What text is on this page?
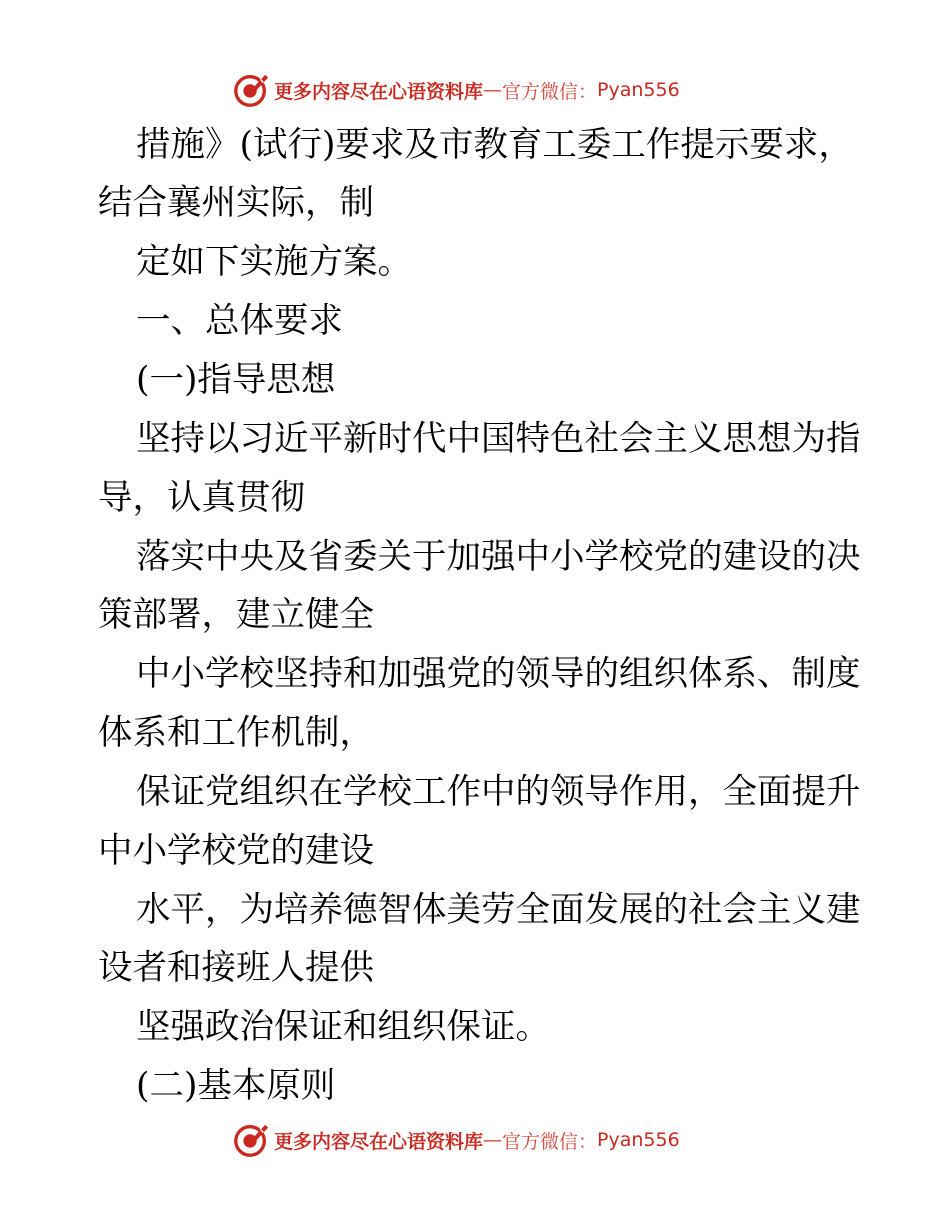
更多内容尽在心语资料库 — 官方微信： Pyan556
措施》(试行)要求及市教育工委工作提示要求，
结合襄州实际，制
定如下实施方案。
一、总体要求
(一)指导思想
坚持以习近平新时代中国特色社会主义思想为指
导，认真贯彻
落实中央及省委关于加强中小学校党的建设的决
策部署，建立健全
中小学校坚持和加强党的领导的组织体系、制度
体系和工作机制，
保证党组织在学校工作中的领导作用，全面提升
中小学校党的建设
水平，为培养德智体美劳全面发展的社会主义建
设者和接班人提供
坚强政治保证和组织保证。
(二)基本原则
更多内容尽在心语资料库 — 官方微信： Pyan556
